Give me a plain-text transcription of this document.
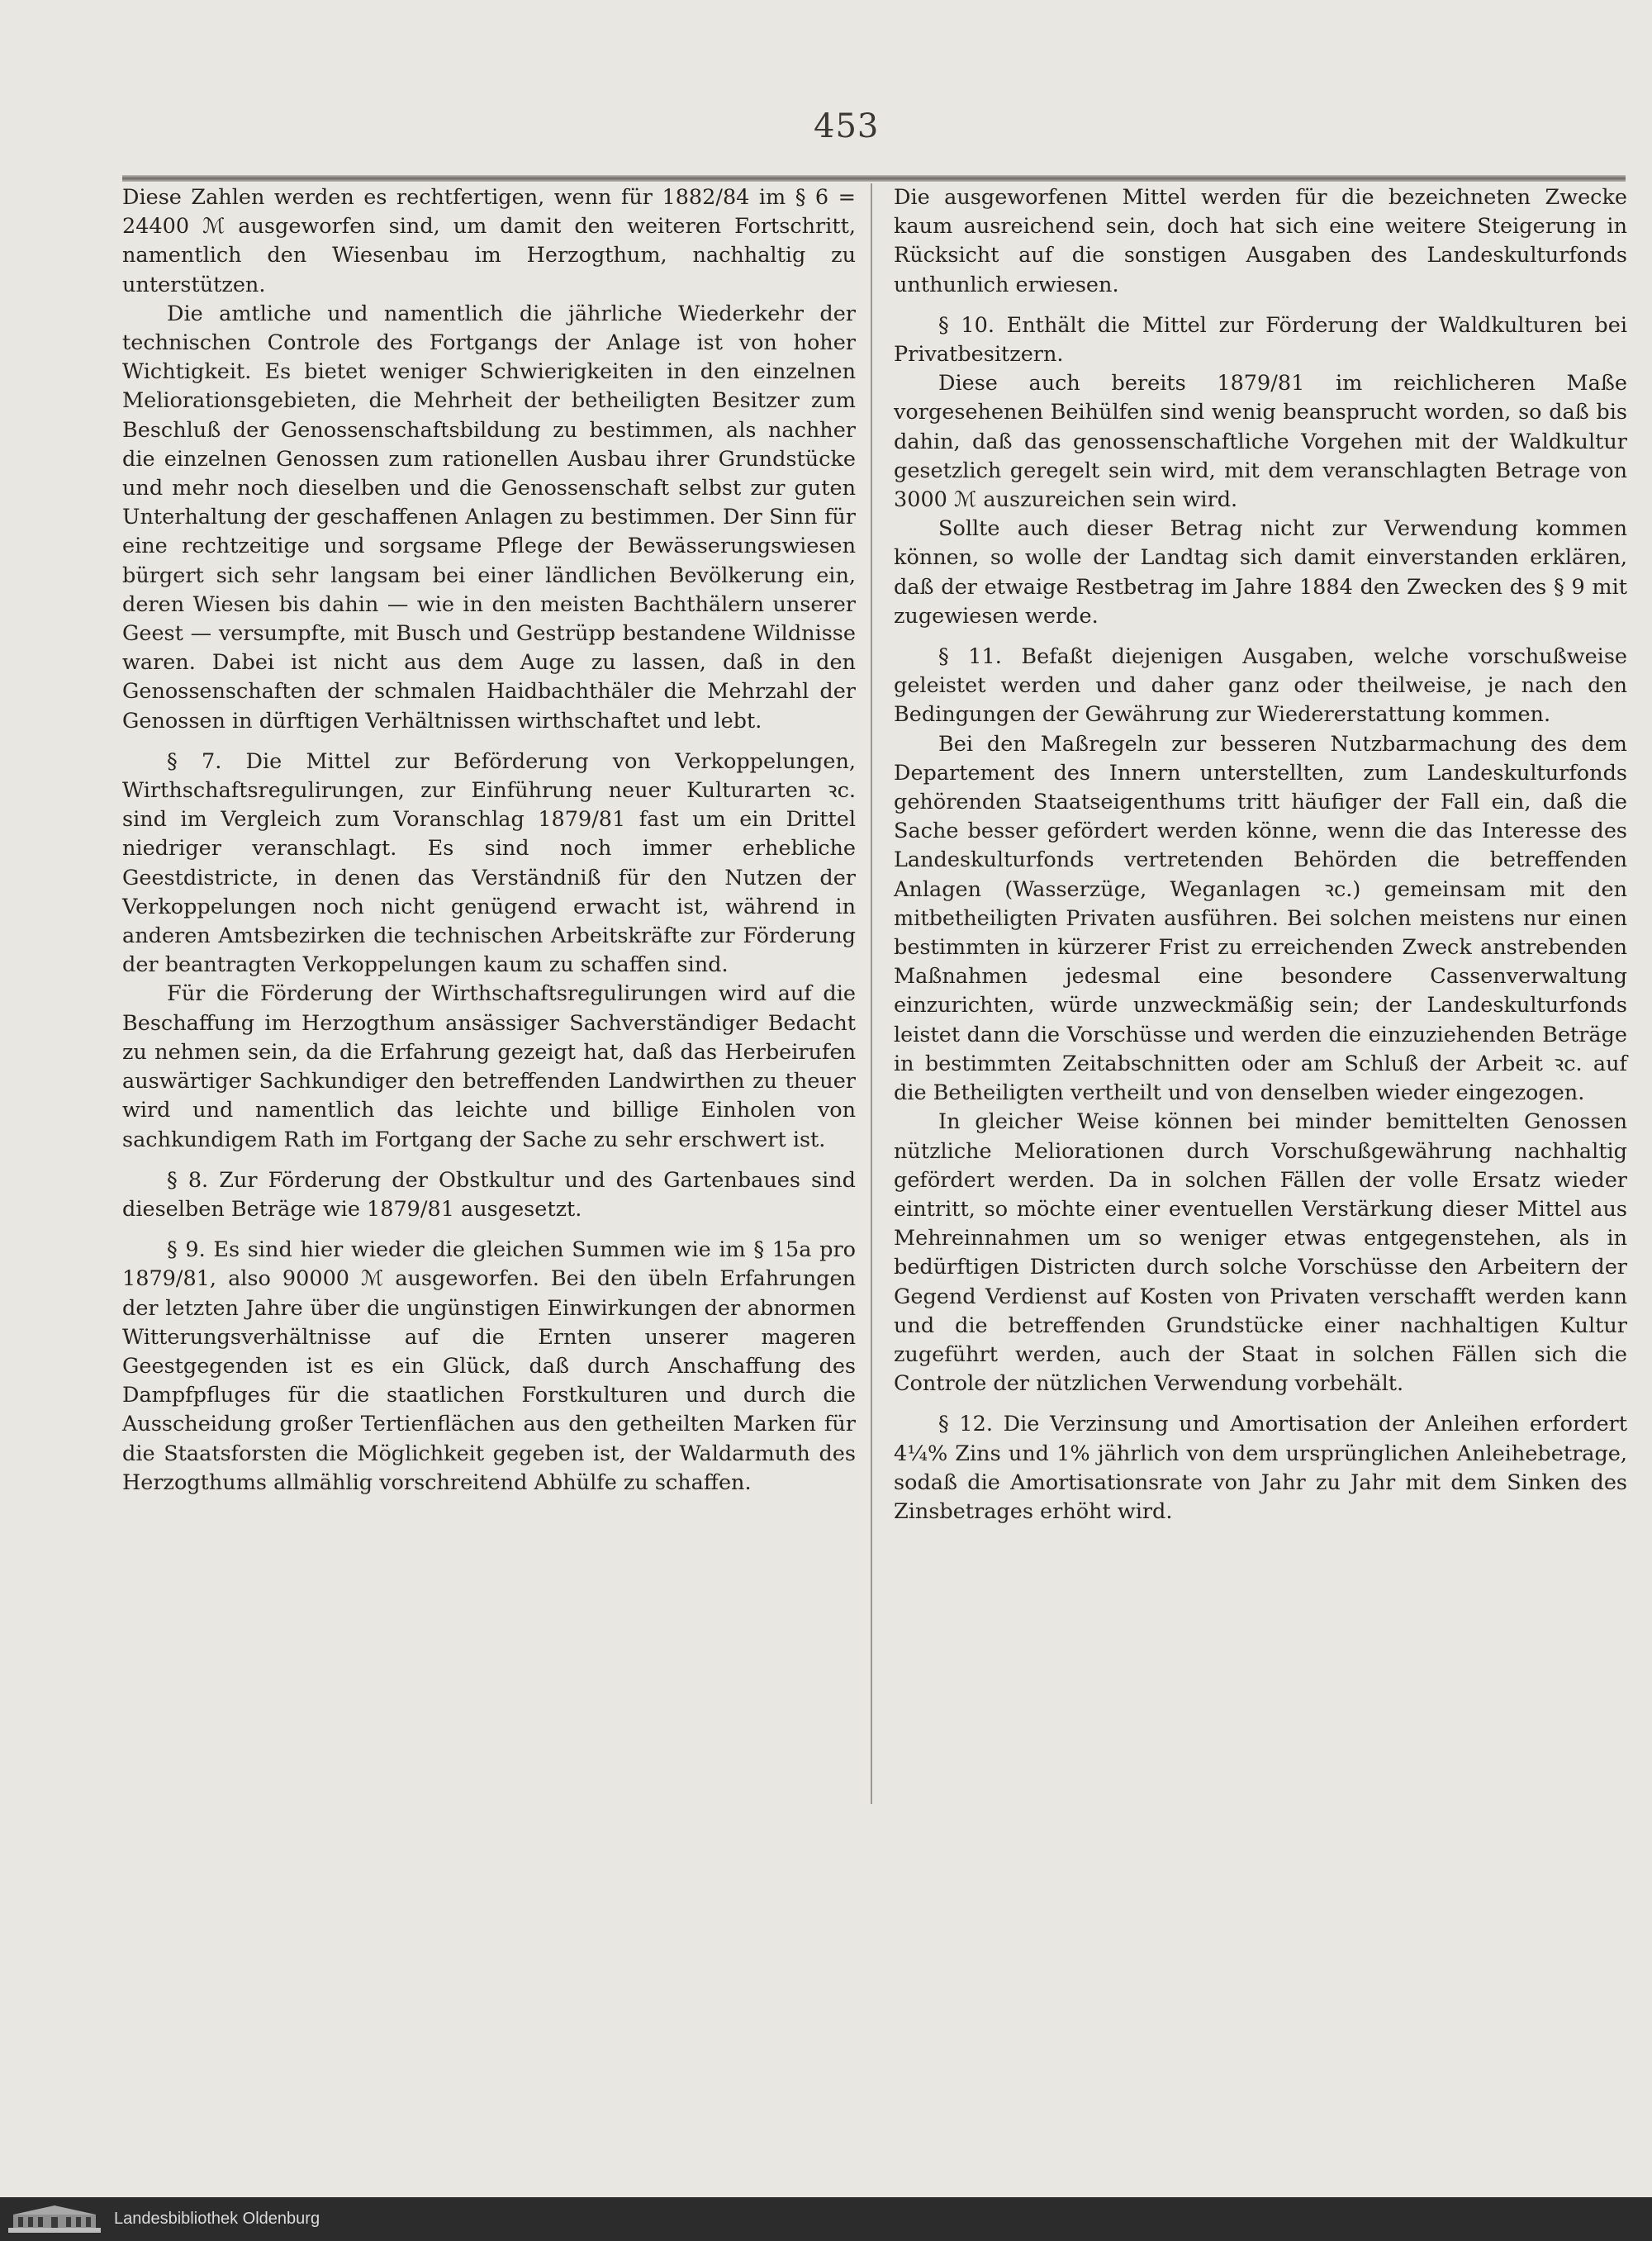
453

Diese Zahlen werden es rechtfertigen, wenn für 1882/84 im § 6 = 24400 ℳ ausgeworfen sind, um damit den weiteren Fortschritt, namentlich den Wiesenbau im Herzogthum, nachhaltig zu unterstützen.

Die amtliche und namentlich die jährliche Wiederkehr der technischen Controle des Fortgangs der Anlage ist von hoher Wichtigkeit. Es bietet weniger Schwierigkeiten in den einzelnen Meliorationsgebieten, die Mehrheit der betheiligten Besitzer zum Beschluß der Genossenschaftsbildung zu bestimmen, als nachher die einzelnen Genossen zum rationellen Ausbau ihrer Grundstücke und mehr noch dieselben und die Genossenschaft selbst zur guten Unterhaltung der geschaffenen Anlagen zu bestimmen. Der Sinn für eine rechtzeitige und sorgsame Pflege der Bewässerungswiesen bürgert sich sehr langsam bei einer ländlichen Bevölkerung ein, deren Wiesen bis dahin — wie in den meisten Bachthälern unserer Geest — versumpfte, mit Busch und Gestrüpp bestandene Wildnisse waren. Dabei ist nicht aus dem Auge zu lassen, daß in den Genossenschaften der schmalen Haidbachthäler die Mehrzahl der Genossen in dürftigen Verhältnissen wirthschaftet und lebt.

§ 7. Die Mittel zur Beförderung von Verkoppelungen, Wirthschaftsregulirungen, zur Einführung neuer Kulturarten ꝛc. sind im Vergleich zum Voranschlag 1879/81 fast um ein Drittel niedriger veranschlagt. Es sind noch immer erhebliche Geestdistricte, in denen das Verständniß für den Nutzen der Verkoppelungen noch nicht genügend erwacht ist, während in anderen Amtsbezirken die technischen Arbeitskräfte zur Förderung der beantragten Verkoppelungen kaum zu schaffen sind.

Für die Förderung der Wirthschaftsregulirungen wird auf die Beschaffung im Herzogthum ansässiger Sachverständiger Bedacht zu nehmen sein, da die Erfahrung gezeigt hat, daß das Herbeirufen auswärtiger Sachkundiger den betreffenden Landwirthen zu theuer wird und namentlich das leichte und billige Einholen von sachkundigem Rath im Fortgang der Sache zu sehr erschwert ist.

§ 8. Zur Förderung der Obstkultur und des Gartenbaues sind dieselben Beträge wie 1879/81 ausgesetzt.

§ 9. Es sind hier wieder die gleichen Summen wie im § 15a pro 1879/81, also 90000 ℳ ausgeworfen. Bei den übeln Erfahrungen der letzten Jahre über die ungünstigen Einwirkungen der abnormen Witterungsverhältnisse auf die Ernten unserer mageren Geestgegenden ist es ein Glück, daß durch Anschaffung des Dampfpfluges für die staatlichen Forstkulturen und durch die Ausscheidung großer Tertienflächen aus den getheilten Marken für die Staatsforsten die Möglichkeit gegeben ist, der Waldarmuth des Herzogthums allmählig vorschreitend Abhülfe zu schaffen.

Die ausgeworfenen Mittel werden für die bezeichneten Zwecke kaum ausreichend sein, doch hat sich eine weitere Steigerung in Rücksicht auf die sonstigen Ausgaben des Landeskulturfonds unthunlich erwiesen.

§ 10. Enthält die Mittel zur Förderung der Waldkulturen bei Privatbesitzern.

Diese auch bereits 1879/81 im reichlicheren Maße vorgesehenen Beihülfen sind wenig beansprucht worden, so daß bis dahin, daß das genossenschaftliche Vorgehen mit der Waldkultur gesetzlich geregelt sein wird, mit dem veranschlagten Betrage von 3000 ℳ auszureichen sein wird.

Sollte auch dieser Betrag nicht zur Verwendung kommen können, so wolle der Landtag sich damit einverstanden erklären, daß der etwaige Restbetrag im Jahre 1884 den Zwecken des § 9 mit zugewiesen werde.

§ 11. Befaßt diejenigen Ausgaben, welche vorschußweise geleistet werden und daher ganz oder theilweise, je nach den Bedingungen der Gewährung zur Wiedererstattung kommen.

Bei den Maßregeln zur besseren Nutzbarmachung des dem Departement des Innern unterstellten, zum Landeskulturfonds gehörenden Staatseigenthums tritt häufiger der Fall ein, daß die Sache besser gefördert werden könne, wenn die das Interesse des Landeskulturfonds vertretenden Behörden die betreffenden Anlagen (Wasserzüge, Weganlagen ꝛc.) gemeinsam mit den mitbetheiligten Privaten ausführen. Bei solchen meistens nur einen bestimmten in kürzerer Frist zu erreichenden Zweck anstrebenden Maßnahmen jedesmal eine besondere Cassenverwaltung einzurichten, würde unzweckmäßig sein; der Landeskulturfonds leistet dann die Vorschüsse und werden die einzuziehenden Beträge in bestimmten Zeitabschnitten oder am Schluß der Arbeit ꝛc. auf die Betheiligten vertheilt und von denselben wieder eingezogen.

In gleicher Weise können bei minder bemittelten Genossen nützliche Meliorationen durch Vorschußgewährung nachhaltig gefördert werden. Da in solchen Fällen der volle Ersatz wieder eintritt, so möchte einer eventuellen Verstärkung dieser Mittel aus Mehreinnahmen um so weniger etwas entgegenstehen, als in bedürftigen Districten durch solche Vorschüsse den Arbeitern der Gegend Verdienst auf Kosten von Privaten verschafft werden kann und die betreffenden Grundstücke einer nachhaltigen Kultur zugeführt werden, auch der Staat in solchen Fällen sich die Controle der nützlichen Verwendung vorbehält.

§ 12. Die Verzinsung und Amortisation der Anleihen erfordert 4¼% Zins und 1% jährlich von dem ursprünglichen Anleihebetrage, sodaß die Amortisationsrate von Jahr zu Jahr mit dem Sinken des Zinsbetrages erhöht wird.

Landesbibliothek Oldenburg
